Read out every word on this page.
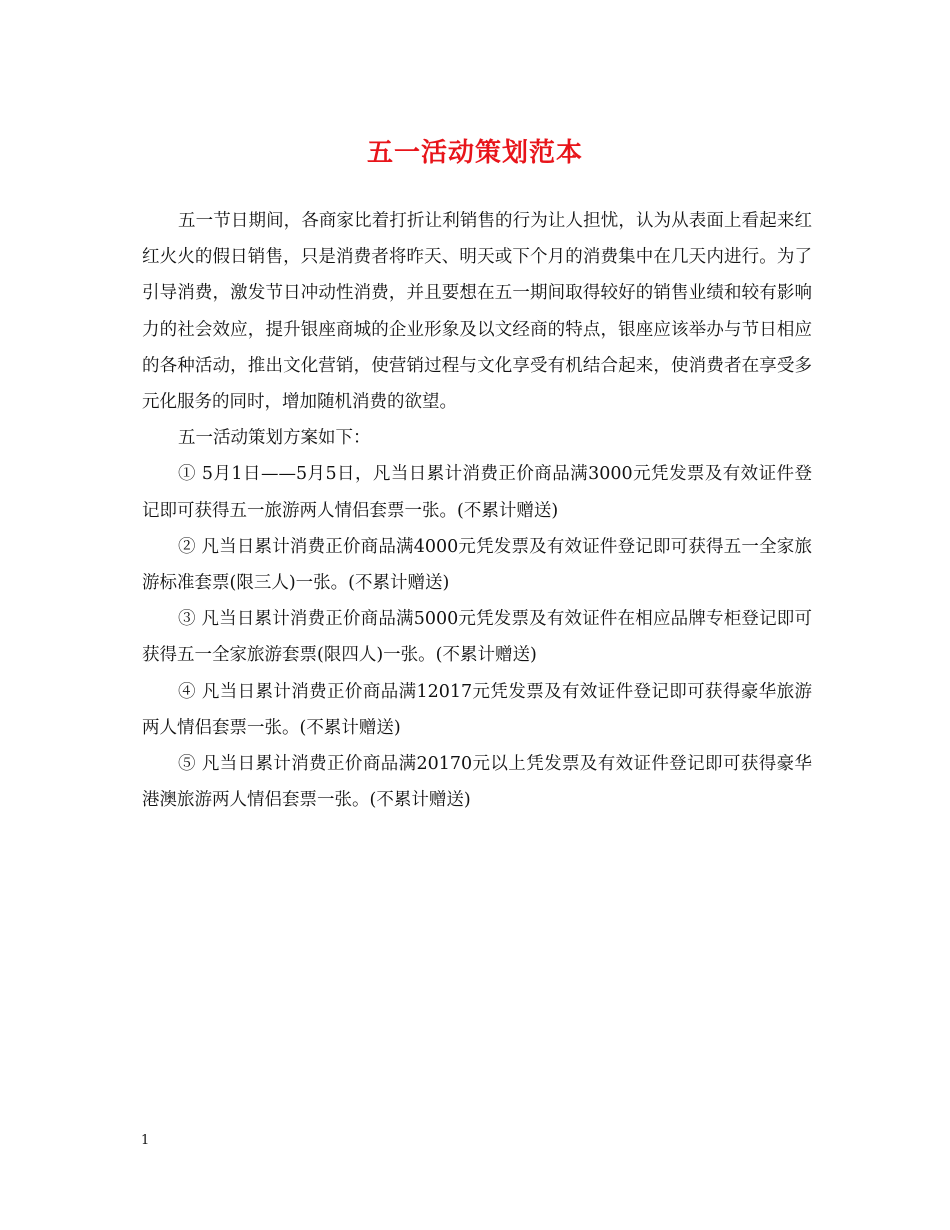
五一活动策划范本

五一节日期间，各商家比着打折让利销售的行为让人担忧，认为从表面上看起来红红火火的假日销售，只是消费者将昨天、明天或下个月的消费集中在几天内进行。为了引导消费，激发节日冲动性消费，并且要想在五一期间取得较好的销售业绩和较有影响力的社会效应，提升银座商城的企业形象及以文经商的特点，银座应该举办与节日相应的各种活动，推出文化营销，使营销过程与文化享受有机结合起来，使消费者在享受多元化服务的同时，增加随机消费的欲望。

五一活动策划方案如下：

① 5月1日——5月5日，凡当日累计消费正价商品满3000元凭发票及有效证件登记即可获得五一旅游两人情侣套票一张。(不累计赠送)

② 凡当日累计消费正价商品满4000元凭发票及有效证件登记即可获得五一全家旅游标准套票(限三人)一张。(不累计赠送)

③ 凡当日累计消费正价商品满5000元凭发票及有效证件在相应品牌专柜登记即可获得五一全家旅游套票(限四人)一张。(不累计赠送)

④ 凡当日累计消费正价商品满12017元凭发票及有效证件登记即可获得豪华旅游两人情侣套票一张。(不累计赠送)

⑤ 凡当日累计消费正价商品满20170元以上凭发票及有效证件登记即可获得豪华港澳旅游两人情侣套票一张。(不累计赠送)

1
